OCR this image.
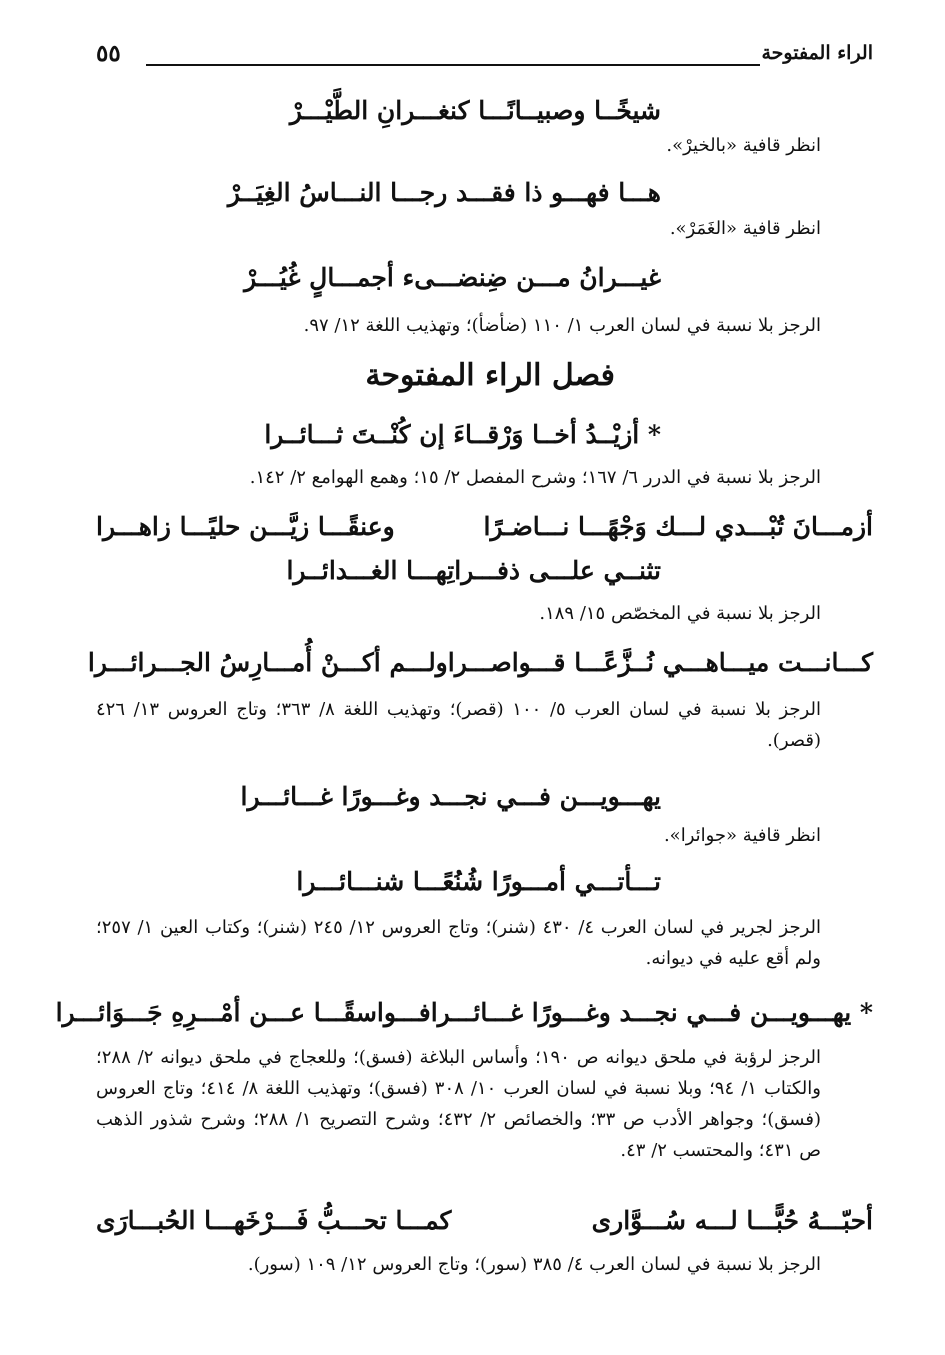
الراء المفتوحة
٥٥
شيخًــا وصبيــانًـــا كنغـــرانِ الطَّيْـــرْ
انظر قافية «بالخيرْ».
هـــا فهـــو ذا فقـــد رجـــا النـــاسُ الغِيَــرْ
انظر قافية «الغَمَرْ».
غيـــرانُ مـــن ضِنضـــىء أجمـــالٍ غُيُـــرْ
الرجز بلا نسبة في لسان العرب ١/ ١١٠ (ضأضأ)؛ وتهذيب اللغة ١٢/ ٩٧.
فصل الراء المفتوحة
* أزيْــدُ أخــا وَرْقــاءَ إن كُنْــتَ ثـــائــرا
الرجز بلا نسبة في الدرر ٦/ ١٦٧؛ وشرح المفصل ٢/ ١٥؛ وهمع الهوامع ٢/ ١٤٢.
أزمـــانَ تُبْـــدي لـــك وَجْهًـــا نـــاضـرًا
وعنقًـــا زيَّـــن حليًـــا زاهـــرا
تثنــي علـــى ذفـــراتِهـــا الغـــدائــرا
الرجز بلا نسبة في المخصّص ١٥/ ١٨٩.
كـــانـــت ميـــاهـــي نُــزَّعًـــا قـــواصـــرا
ولـــم أكـــنْ أُمـــارِسُ الجـــرائـــرا
الرجز بلا نسبة في لسان العرب ٥/ ١٠٠ (قصر)؛ وتهذيب اللغة ٨/ ٣٦٣؛ وتاج العروس ١٣/ ٤٢٦ (قصر).
يهـــويـــن فـــي نجـــد وغـــورًا غـــائـــرا
انظر قافية «جوائرا».
تـــأتـــي أمـــورًا شُنُعًـــا شنـــائـــرا
الرجز لجرير في لسان العرب ٤/ ٤٣٠ (شنر)؛ وتاج العروس ١٢/ ٢٤٥ (شنر)؛ وكتاب العين ١/ ٢٥٧؛ ولم أقع عليه في ديوانه.
* يهـــويـــن فـــي نجـــد وغـــورًا غـــائـــرا
فـــواسقًـــا عـــن أمْـــرِهِ جَـــوَائـــرا
الرجز لرؤبة في ملحق ديوانه ص ١٩٠؛ وأساس البلاغة (فسق)؛ وللعجاج في ملحق ديوانه ٢/ ٢٨٨؛ والكتاب ١/ ٩٤؛ وبلا نسبة في لسان العرب ١٠/ ٣٠٨ (فسق)؛ وتهذيب اللغة ٨/ ٤١٤؛ وتاج العروس (فسق)؛ وجواهر الأدب ص ٣٣؛ والخصائص ٢/ ٤٣٢؛ وشرح التصريح ١/ ٢٨٨؛ وشرح شذور الذهب ص ٤٣١؛ والمحتسب ٢/ ٤٣.
أحبّـــهُ حُبًّـــا لـــه سُـــوَّارى
كمـــا تحـــبُّ فَـــرْخَهـــا الحُبـــارَى
الرجز بلا نسبة في لسان العرب ٤/ ٣٨٥ (سور)؛ وتاج العروس ١٢/ ١٠٩ (سور).
